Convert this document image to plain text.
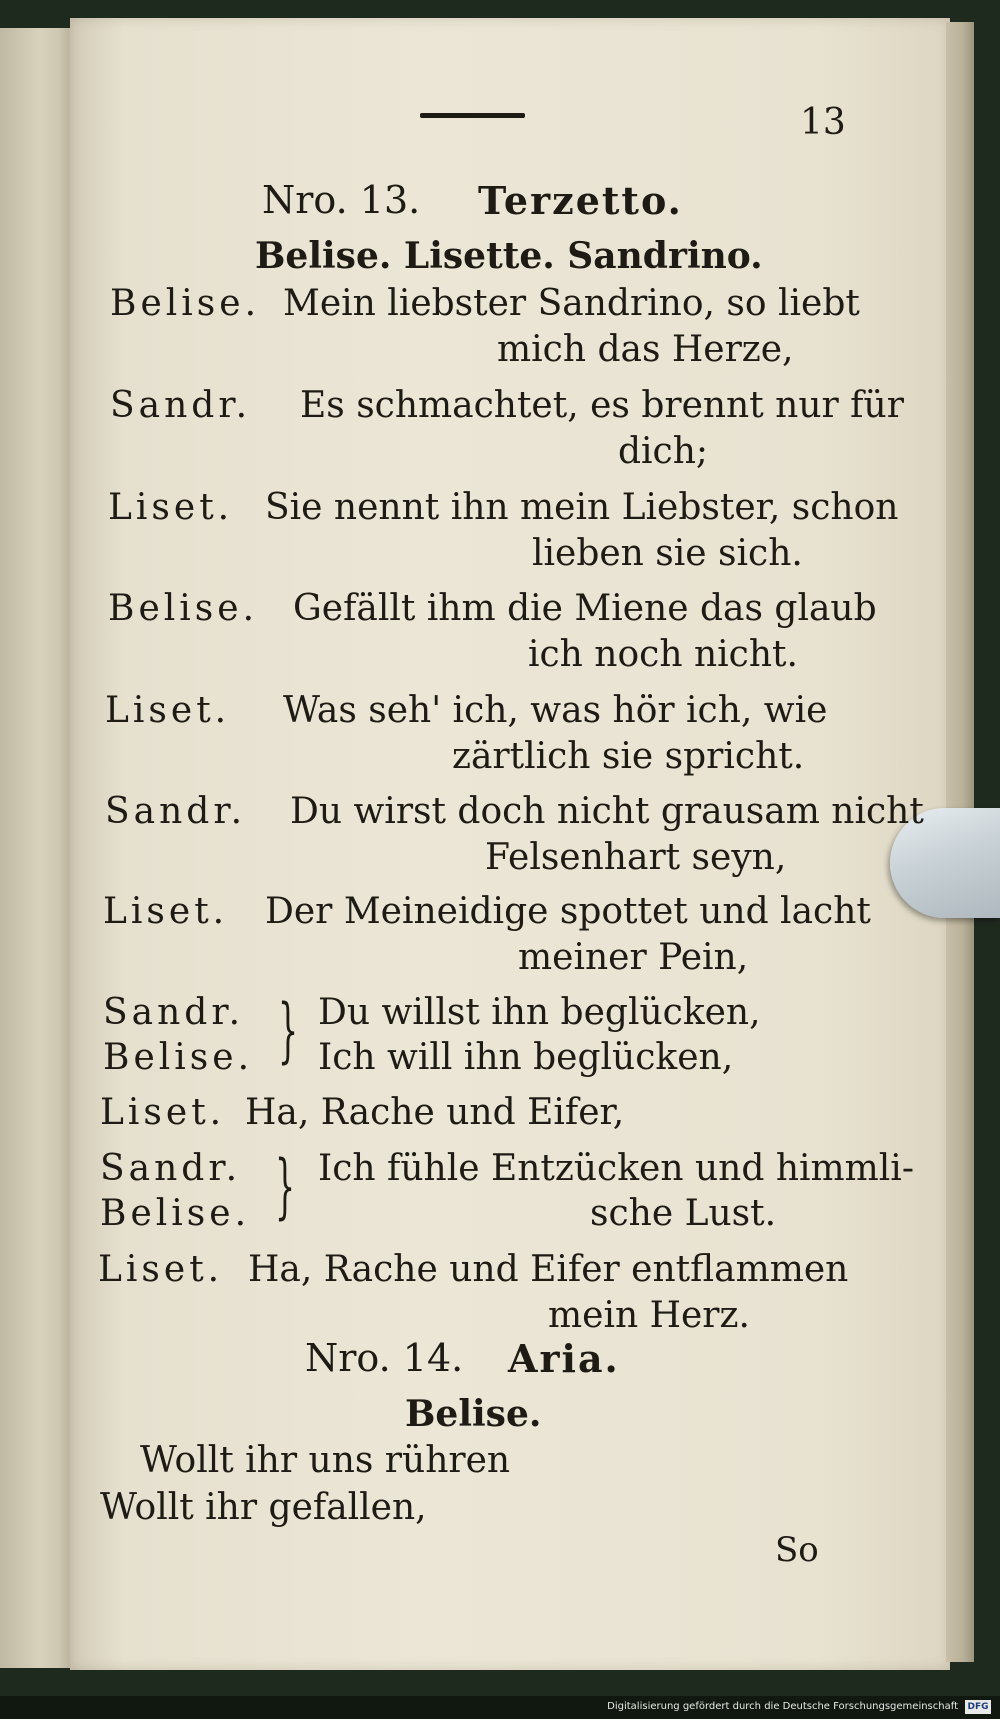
13
Nro. 13. Terzetto.
Belise. Lisette. Sandrino.
Belise. Mein liebster Sandrino, so liebt
mich das Herze,
Sandr. Es schmachtet, es brennt nur für
dich;
Liset. Sie nennt ihn mein Liebster, schon
lieben sie sich.
Belise. Gefällt ihm die Miene das glaub
ich noch nicht.
Liset. Was seh' ich, was hör ich, wie
zärtlich sie spricht.
Sandr. Du wirst doch nicht grausam nicht
Felsenhart seyn,
Liset. Der Meineidige spottet und lacht
meiner Pein,
Sandr. } Du willst ihn beglücken,
Belise. Ich will ihn beglücken,
Liset. Ha, Rache und Eifer,
Sandr. } Ich fühle Entzücken und himmli-
Belise.	sche Lust.
Liset. Ha, Rache und Eifer entflammen
mein Herz.
Nro. 14. Aria.
Belise.
Wollt ihr uns rühren
Wollt ihr gefallen,
So
Digitalisierung gefördert durch die Deutsche Forschungsgemeinschaft DFG
